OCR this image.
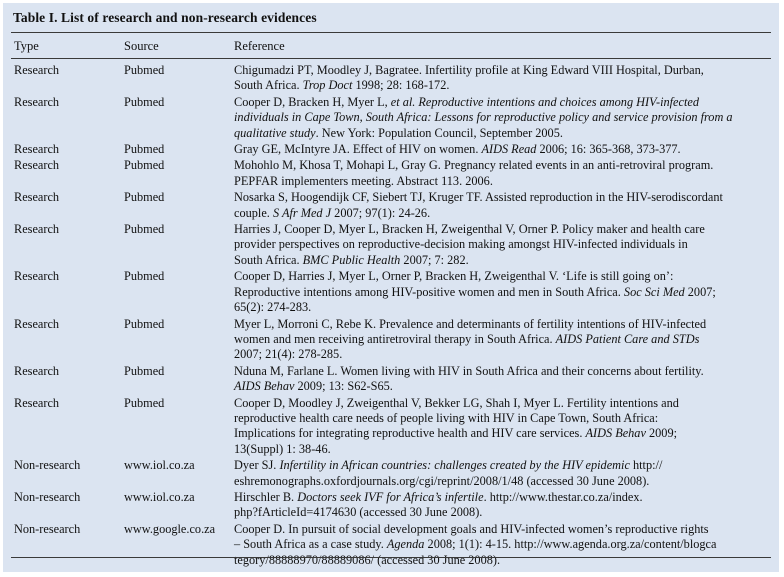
Table I. List of research and non-research evidences
Type	Source	Reference
Research	Pubmed	Chigumadzi PT, Moodley J, Bagratee. Infertility profile at King Edward VIII Hospital, Durban,
South Africa. Trop Doct 1998; 28: 168-172.
Research	Pubmed	Cooper D, Bracken H, Myer L, et al. Reproductive intentions and choices among HIV-infected
individuals in Cape Town, South Africa: Lessons for reproductive policy and service provision from a
qualitative study. New York: Population Council, September 2005.
Research	Pubmed	Gray GE, McIntyre JA. Effect of HIV on women. AIDS Read 2006; 16: 365-368, 373-377.
Research	Pubmed	Mohohlo M, Khosa T, Mohapi L, Gray G. Pregnancy related events in an anti-retroviral program.
PEPFAR implementers meeting. Abstract 113. 2006.
Research	Pubmed	Nosarka S, Hoogendijk CF, Siebert TJ, Kruger TF. Assisted reproduction in the HIV-serodiscordant
couple. S Afr Med J 2007; 97(1): 24-26.
Research	Pubmed	Harries J, Cooper D, Myer L, Bracken H, Zweigenthal V, Orner P. Policy maker and health care
provider perspectives on reproductive-decision making amongst HIV-infected individuals in
South Africa. BMC Public Health 2007; 7: 282.
Research	Pubmed	Cooper D, Harries J, Myer L, Orner P, Bracken H, Zweigenthal V. ‘Life is still going on’:
Reproductive intentions among HIV-positive women and men in South Africa. Soc Sci Med 2007;
65(2): 274-283.
Research	Pubmed	Myer L, Morroni C, Rebe K. Prevalence and determinants of fertility intentions of HIV-infected
women and men receiving antiretroviral therapy in South Africa. AIDS Patient Care and STDs
2007; 21(4): 278-285.
Research	Pubmed	Nduna M, Farlane L. Women living with HIV in South Africa and their concerns about fertility.
AIDS Behav 2009; 13: S62-S65.
Research	Pubmed	Cooper D, Moodley J, Zweigenthal V, Bekker LG, Shah I, Myer L. Fertility intentions and
reproductive health care needs of people living with HIV in Cape Town, South Africa:
Implications for integrating reproductive health and HIV care services. AIDS Behav 2009;
13(Suppl) 1: 38-46.
Non-research	www.iol.co.za	Dyer SJ. Infertility in African countries: challenges created by the HIV epidemic http://
eshremonographs.oxfordjournals.org/cgi/reprint/2008/1/48 (accessed 30 June 2008).
Non-research	www.iol.co.za	Hirschler B. Doctors seek IVF for Africa’s infertile. http://www.thestar.co.za/index.
php?fArticleId=4174630 (accessed 30 June 2008).
Non-research	www.google.co.za Cooper D. In pursuit of social development goals and HIV-infected women’s reproductive rights
– South Africa as a case study. Agenda 2008; 1(1): 4-15. http://www.agenda.org.za/content/blogca
tegory/88888970/88889086/ (accessed 30 June 2008).
